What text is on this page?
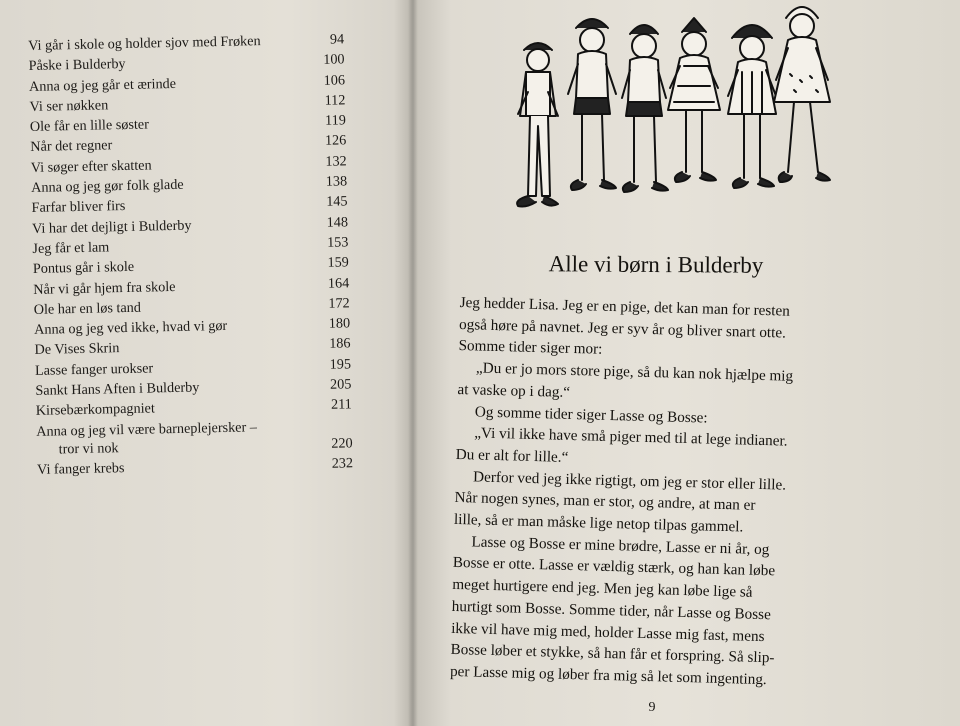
Vi går i skole og holder sjov med Frøken	94
Påske i Bulderby	100
Anna og jeg går et ærinde	106
Vi ser nøkken	112
Ole får en lille søster	119
Når det regner	126
Vi søger efter skatten	132
Anna og jeg gør folk glade	138
Farfar bliver firs	145
Vi har det dejligt i Bulderby	148
Jeg får et lam	153
Pontus går i skole	159
Når vi går hjem fra skole	164
Ole har en løs tand	172
Anna og jeg ved ikke, hvad vi gør	180
De Vises Skrin	186
Lasse fanger urokser	195
Sankt Hans Aften i Bulderby	205
Kirsebærkompagniet	211
Anna og jeg vil være barneplejersker –
tror vi nok	220
Vi fanger krebs	232
Alle vi børn i Bulderby
Jeg hedder Lisa. Jeg er en pige, det kan man for resten
også høre på navnet. Jeg er syv år og bliver snart otte.
Somme tider siger mor:
„Du er jo mors store pige, så du kan nok hjælpe mig
at vaske op i dag.“
Og somme tider siger Lasse og Bosse:
„Vi vil ikke have små piger med til at lege indianer.
Du er alt for lille.“
Derfor ved jeg ikke rigtigt, om jeg er stor eller lille.
Når nogen synes, man er stor, og andre, at man er
lille, så er man måske lige netop tilpas gammel.
Lasse og Bosse er mine brødre, Lasse er ni år, og
Bosse er otte. Lasse er vældig stærk, og han kan løbe
meget hurtigere end jeg. Men jeg kan løbe lige så
hurtigt som Bosse. Somme tider, når Lasse og Bosse
ikke vil have mig med, holder Lasse mig fast, mens
Bosse løber et stykke, så han får et forspring. Så slip-
per Lasse mig og løber fra mig så let som ingenting.
9
